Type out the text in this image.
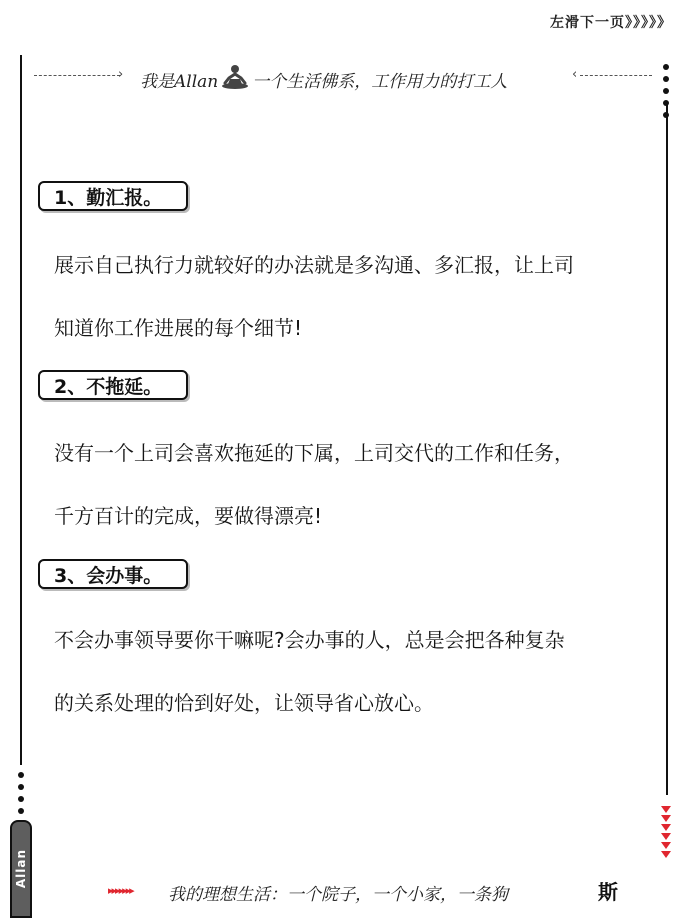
左滑下一页》》》》》
› 我是Allan 一个生活佛系，工作用力的打工人	‹
1、勤汇报。
展示自己执行力就较好的办法就是多沟通、多汇报，让上司
知道你工作进展的每个细节!
2、不拖延。
没有一个上司会喜欢拖延的下属，上司交代的工作和任务，
千方百计的完成，要做得漂亮!
3、会办事。
不会办事领导要你干嘛呢?会办事的人，总是会把各种复杂
的关系处理的恰到好处，让领导省心放心。
Allan
▸▸▸▸▸▸▸ 我的理想生活：一个院子，一个小家，一条狗	斯
